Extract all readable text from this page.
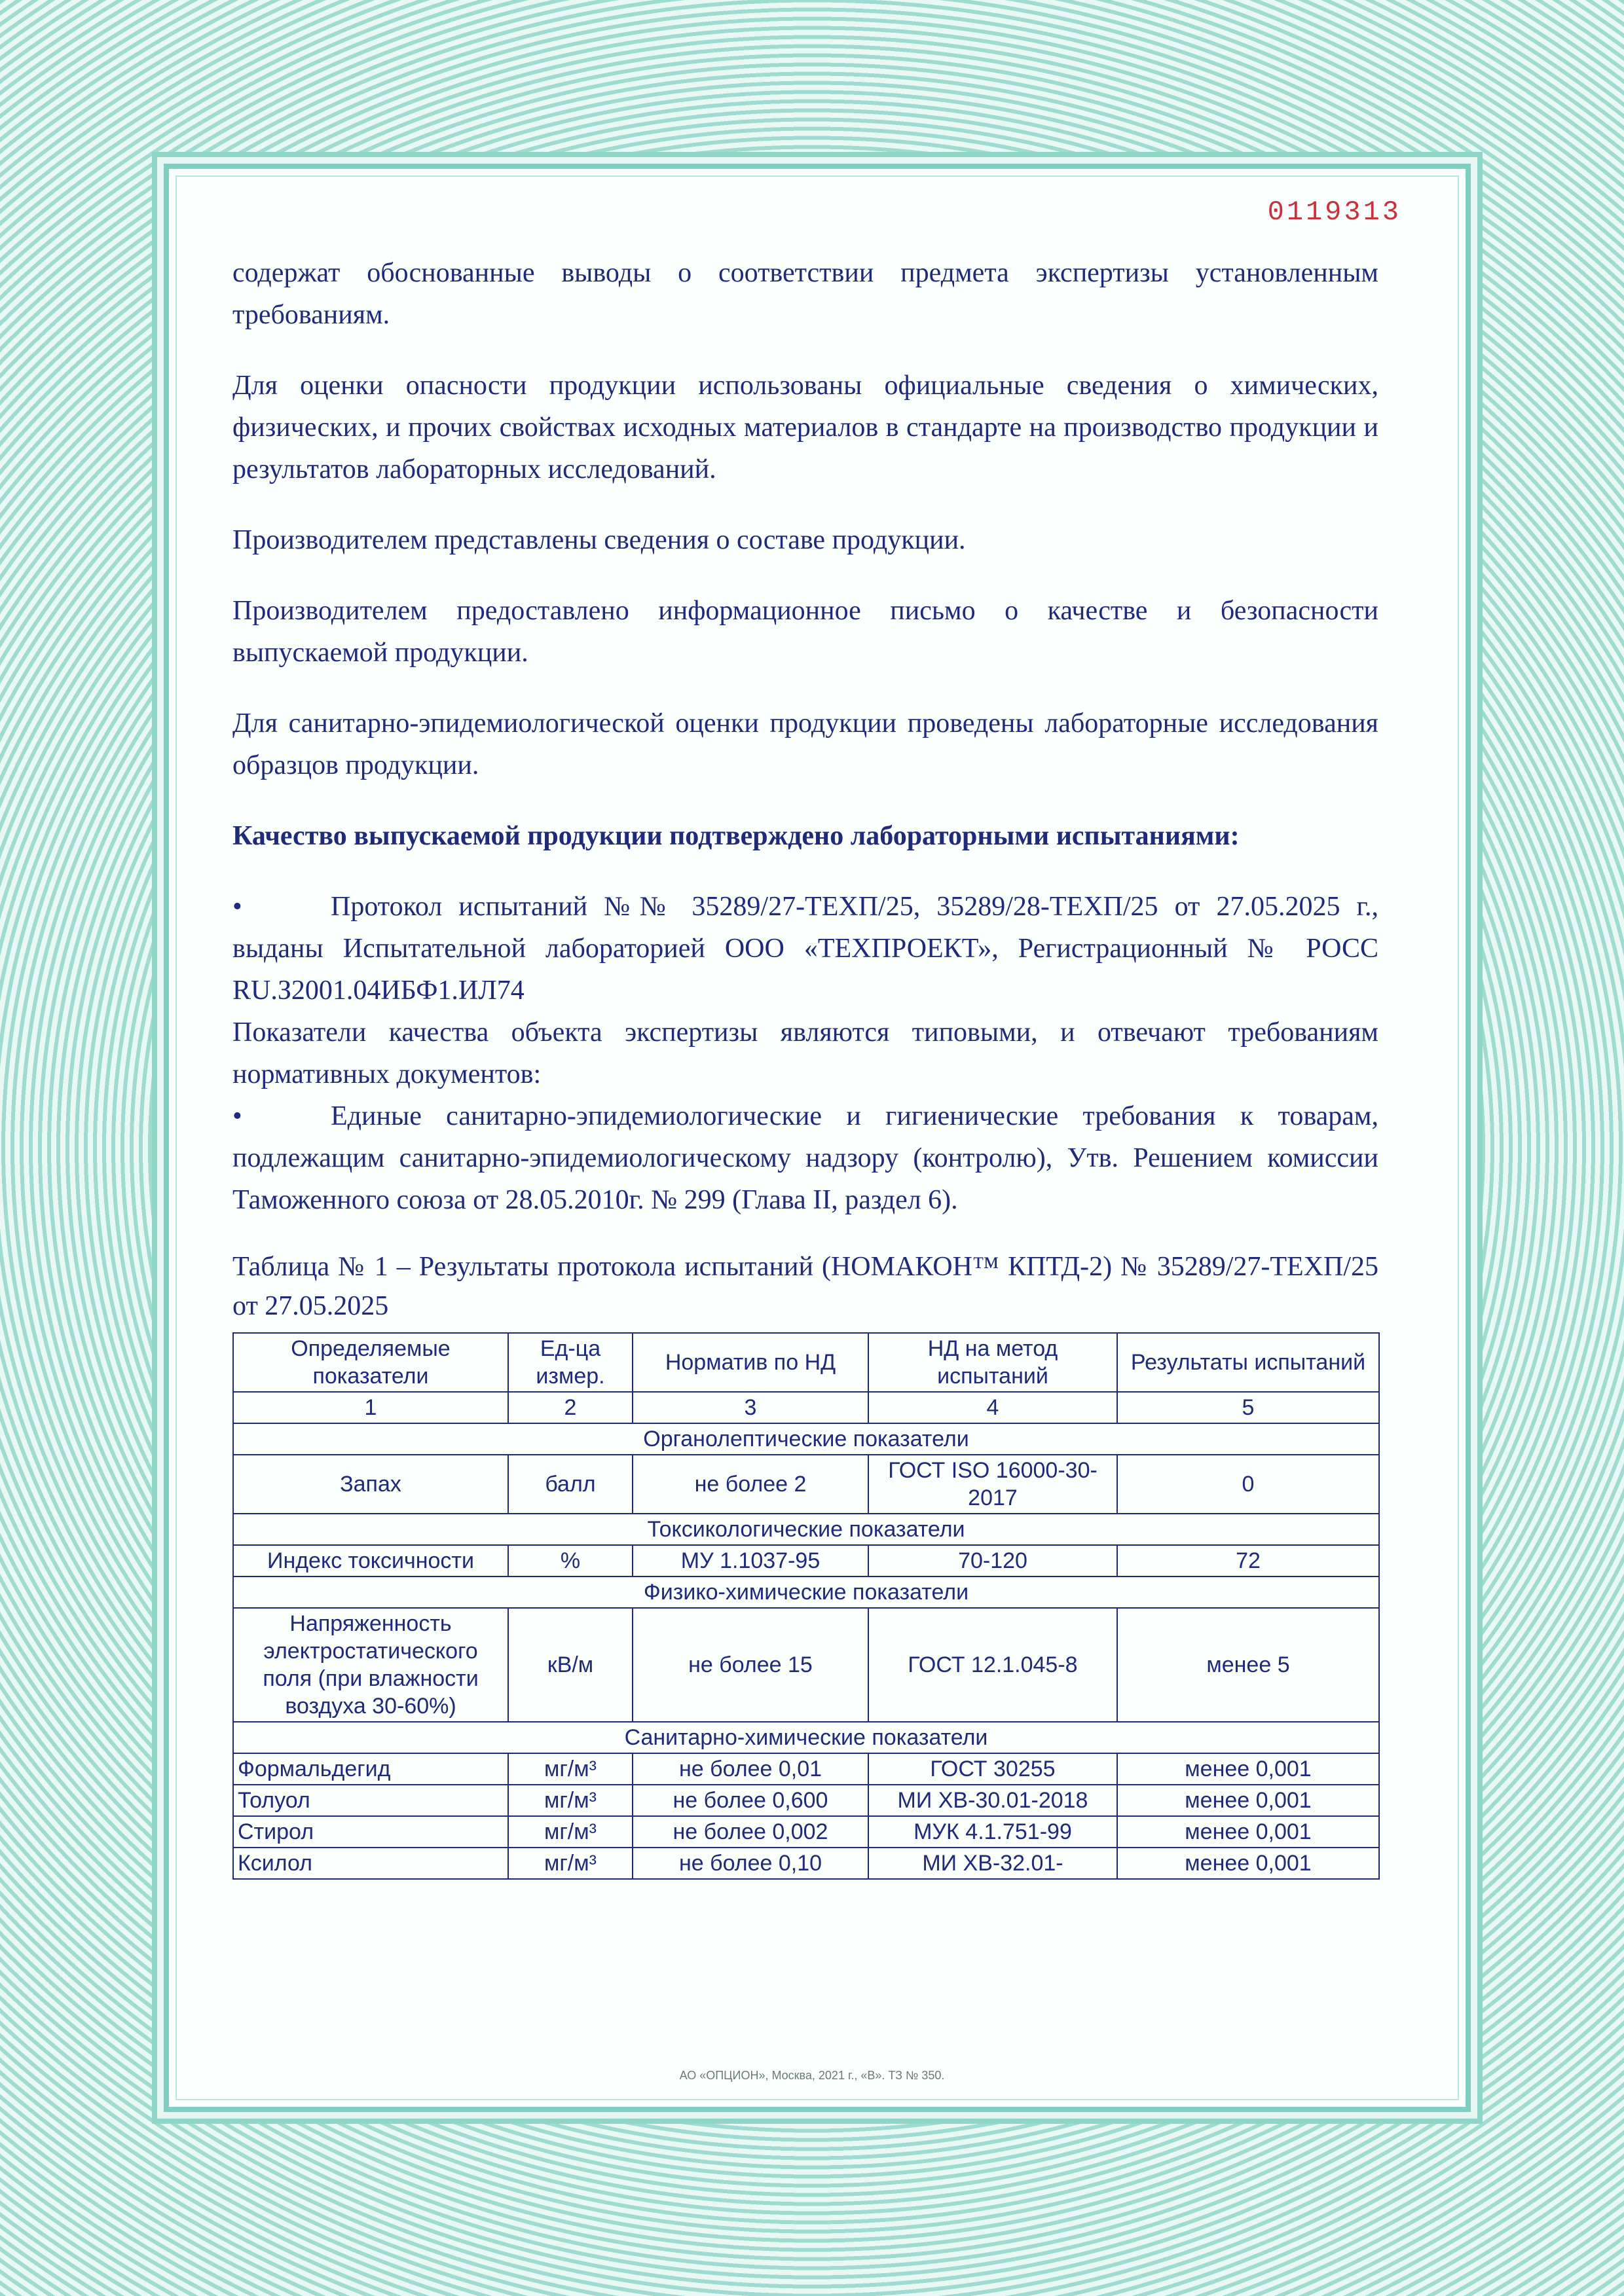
0119313

содержат обоснованные выводы о соответствии предмета экспертизы установленным требованиям.

Для оценки опасности продукции использованы официальные сведения о химических, физических, и прочих свойствах исходных материалов в стандарте на производство продукции и результатов лабораторных исследований.

Производителем представлены сведения о составе продукции.

Производителем предоставлено информационное письмо о качестве и безопасности выпускаемой продукции.

Для санитарно-эпидемиологической оценки продукции проведены лабораторные исследования образцов продукции.

Качество выпускаемой продукции подтверждено лабораторными испытаниями:

•	Протокол испытаний №№ 35289/27-ТЕХП/25, 35289/28-ТЕХП/25 от 27.05.2025 г., выданы Испытательной лабораторией ООО «ТЕХПРОЕКТ», Регистрационный № РОСС RU.З2001.04ИБФ1.ИЛ74

Показатели качества объекта экспертизы являются типовыми, и отвечают требованиям нормативных документов:

•	Единые санитарно-эпидемиологические и гигиенические требования к товарам, подлежащим санитарно-эпидемиологическому надзору (контролю), Утв. Решением комиссии Таможенного союза от 28.05.2010г. № 299 (Глава II, раздел 6).

Таблица № 1 – Результаты протокола испытаний (НОМАКОН™ КПТД-2) № 35289/27-ТЕХП/25 от 27.05.2025

Определяемые показатели	Ед-ца измер.	Норматив по НД	НД на метод испытаний	Результаты испытаний
1	2	3	4	5
Органолептические показатели				
Запах	балл	не более 2	ГОСТ ISO 16000-30-2017	0
Токсикологические показатели				
Индекс токсичности	%	МУ 1.1037-95	70-120	72
Физико-химические показатели				
Напряженность электростатического поля (при влажности воздуха 30-60%)	кВ/м	не более 15	ГОСТ 12.1.045-8	менее 5
Санитарно-химические показатели				
Формальдегид	мг/м³	не более 0,01	ГОСТ 30255	менее 0,001
Толуол	мг/м³	не более 0,600	МИ ХВ-30.01-2018	менее 0,001
Стирол	мг/м³	не более 0,002	МУК 4.1.751-99	менее 0,001
Ксилол	мг/м³	не более 0,10	МИ ХВ-32.01-	менее 0,001
АО «ОПЦИОН», Москва, 2021 г., «В». ТЗ № 350.
